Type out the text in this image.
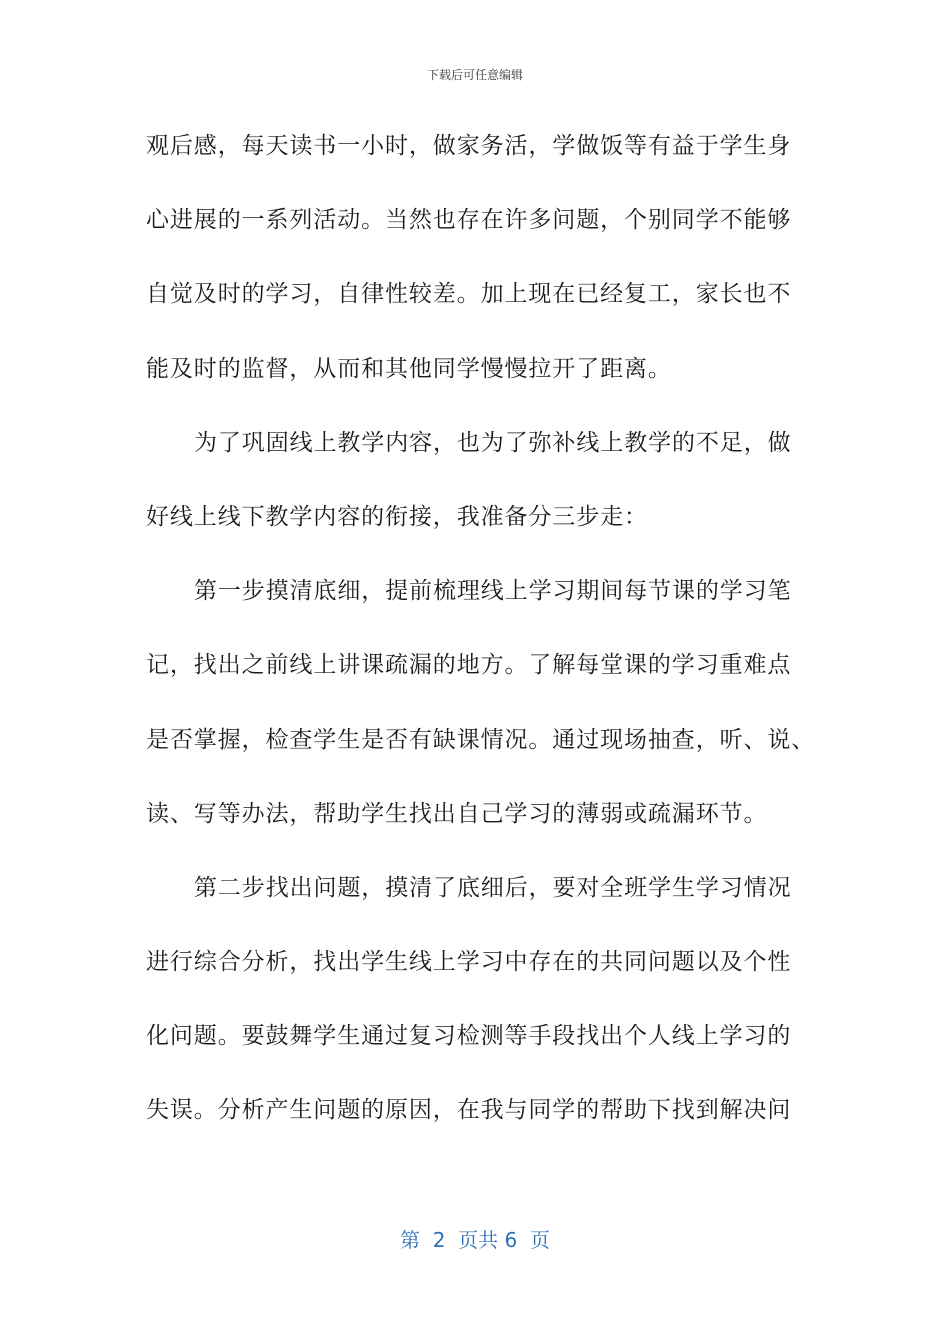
下载后可任意编辑
观后感，每天读书一小时，做家务活，学做饭等有益于学生身
心进展的一系列活动。当然也存在许多问题，个别同学不能够
自觉及时的学习，自律性较差。加上现在已经复工，家长也不
能及时的监督，从而和其他同学慢慢拉开了距离。
为了巩固线上教学内容，也为了弥补线上教学的不足，做
好线上线下教学内容的衔接，我准备分三步走：
第一步摸清底细，提前梳理线上学习期间每节课的学习笔
记，找出之前线上讲课疏漏的地方。了解每堂课的学习重难点
是否掌握，检查学生是否有缺课情况。通过现场抽查，听、说、
读、写等办法，帮助学生找出自己学习的薄弱或疏漏环节。
第二步找出问题，摸清了底细后，要对全班学生学习情况
进行综合分析，找出学生线上学习中存在的共同问题以及个性
化问题。要鼓舞学生通过复习检测等手段找出个人线上学习的
失误。分析产生问题的原因，在我与同学的帮助下找到解决问
第  2  页共 6  页
